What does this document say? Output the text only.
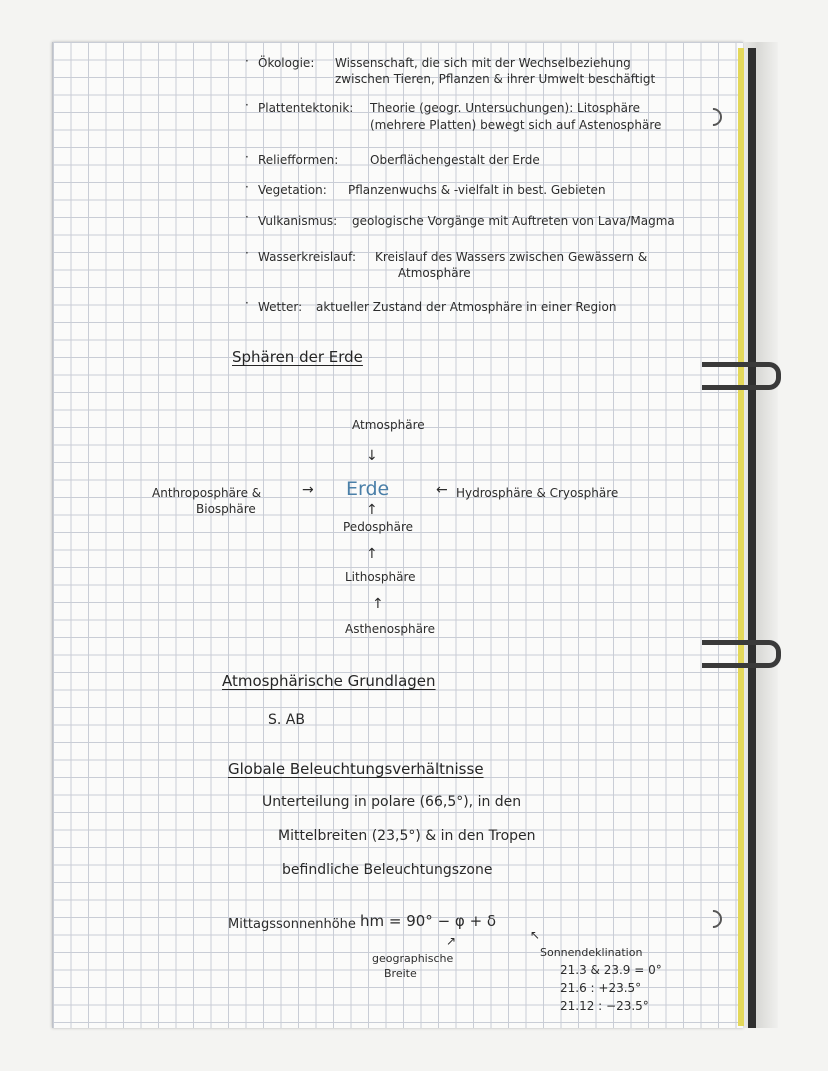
· Ökologie: Wissenschaft, die sich mit der Wechselbeziehung
zwischen Tieren, Pflanzen & ihrer Umwelt beschäftigt
· Plattentektonik: Theorie (geogr. Untersuchungen): Litosphäre
(mehrere Platten) bewegt sich auf Astenosphäre
· Reliefformen:	Oberflächengestalt der Erde
· Vegetation: Pflanzenwuchs & -vielfalt in best. Gebieten
· Vulkanismus: geologische Vorgänge mit Auftreten von Lava/Magma
· Wasserkreislauf: Kreislauf des Wassers zwischen Gewässern &
Atmosphäre
· Wetter: aktueller Zustand der Atmosphäre in einer Region
Sphären der Erde
Atmosphäre
↓
Anthroposphäre &
Biosphäre
→ Erde	← Hydrosphäre & Cryosphäre
↑
Pedosphäre
↑
Lithosphäre
↑
Asthenosphäre
Atmosphärische Grundlagen
S. AB
Globale Beleuchtungsverhältnisse
Unterteilung in polare (66,5°), in den
Mittelbreiten (23,5°) & in den Tropen
befindliche Beleuchtungszone
Mittagssonnenhöhe hm = 90° − φ + δ
↗	↖
geographische
Breite
Sonnendeklination
21.3 & 23.9 = 0°
21.6 : +23.5°
21.12 : −23.5°
